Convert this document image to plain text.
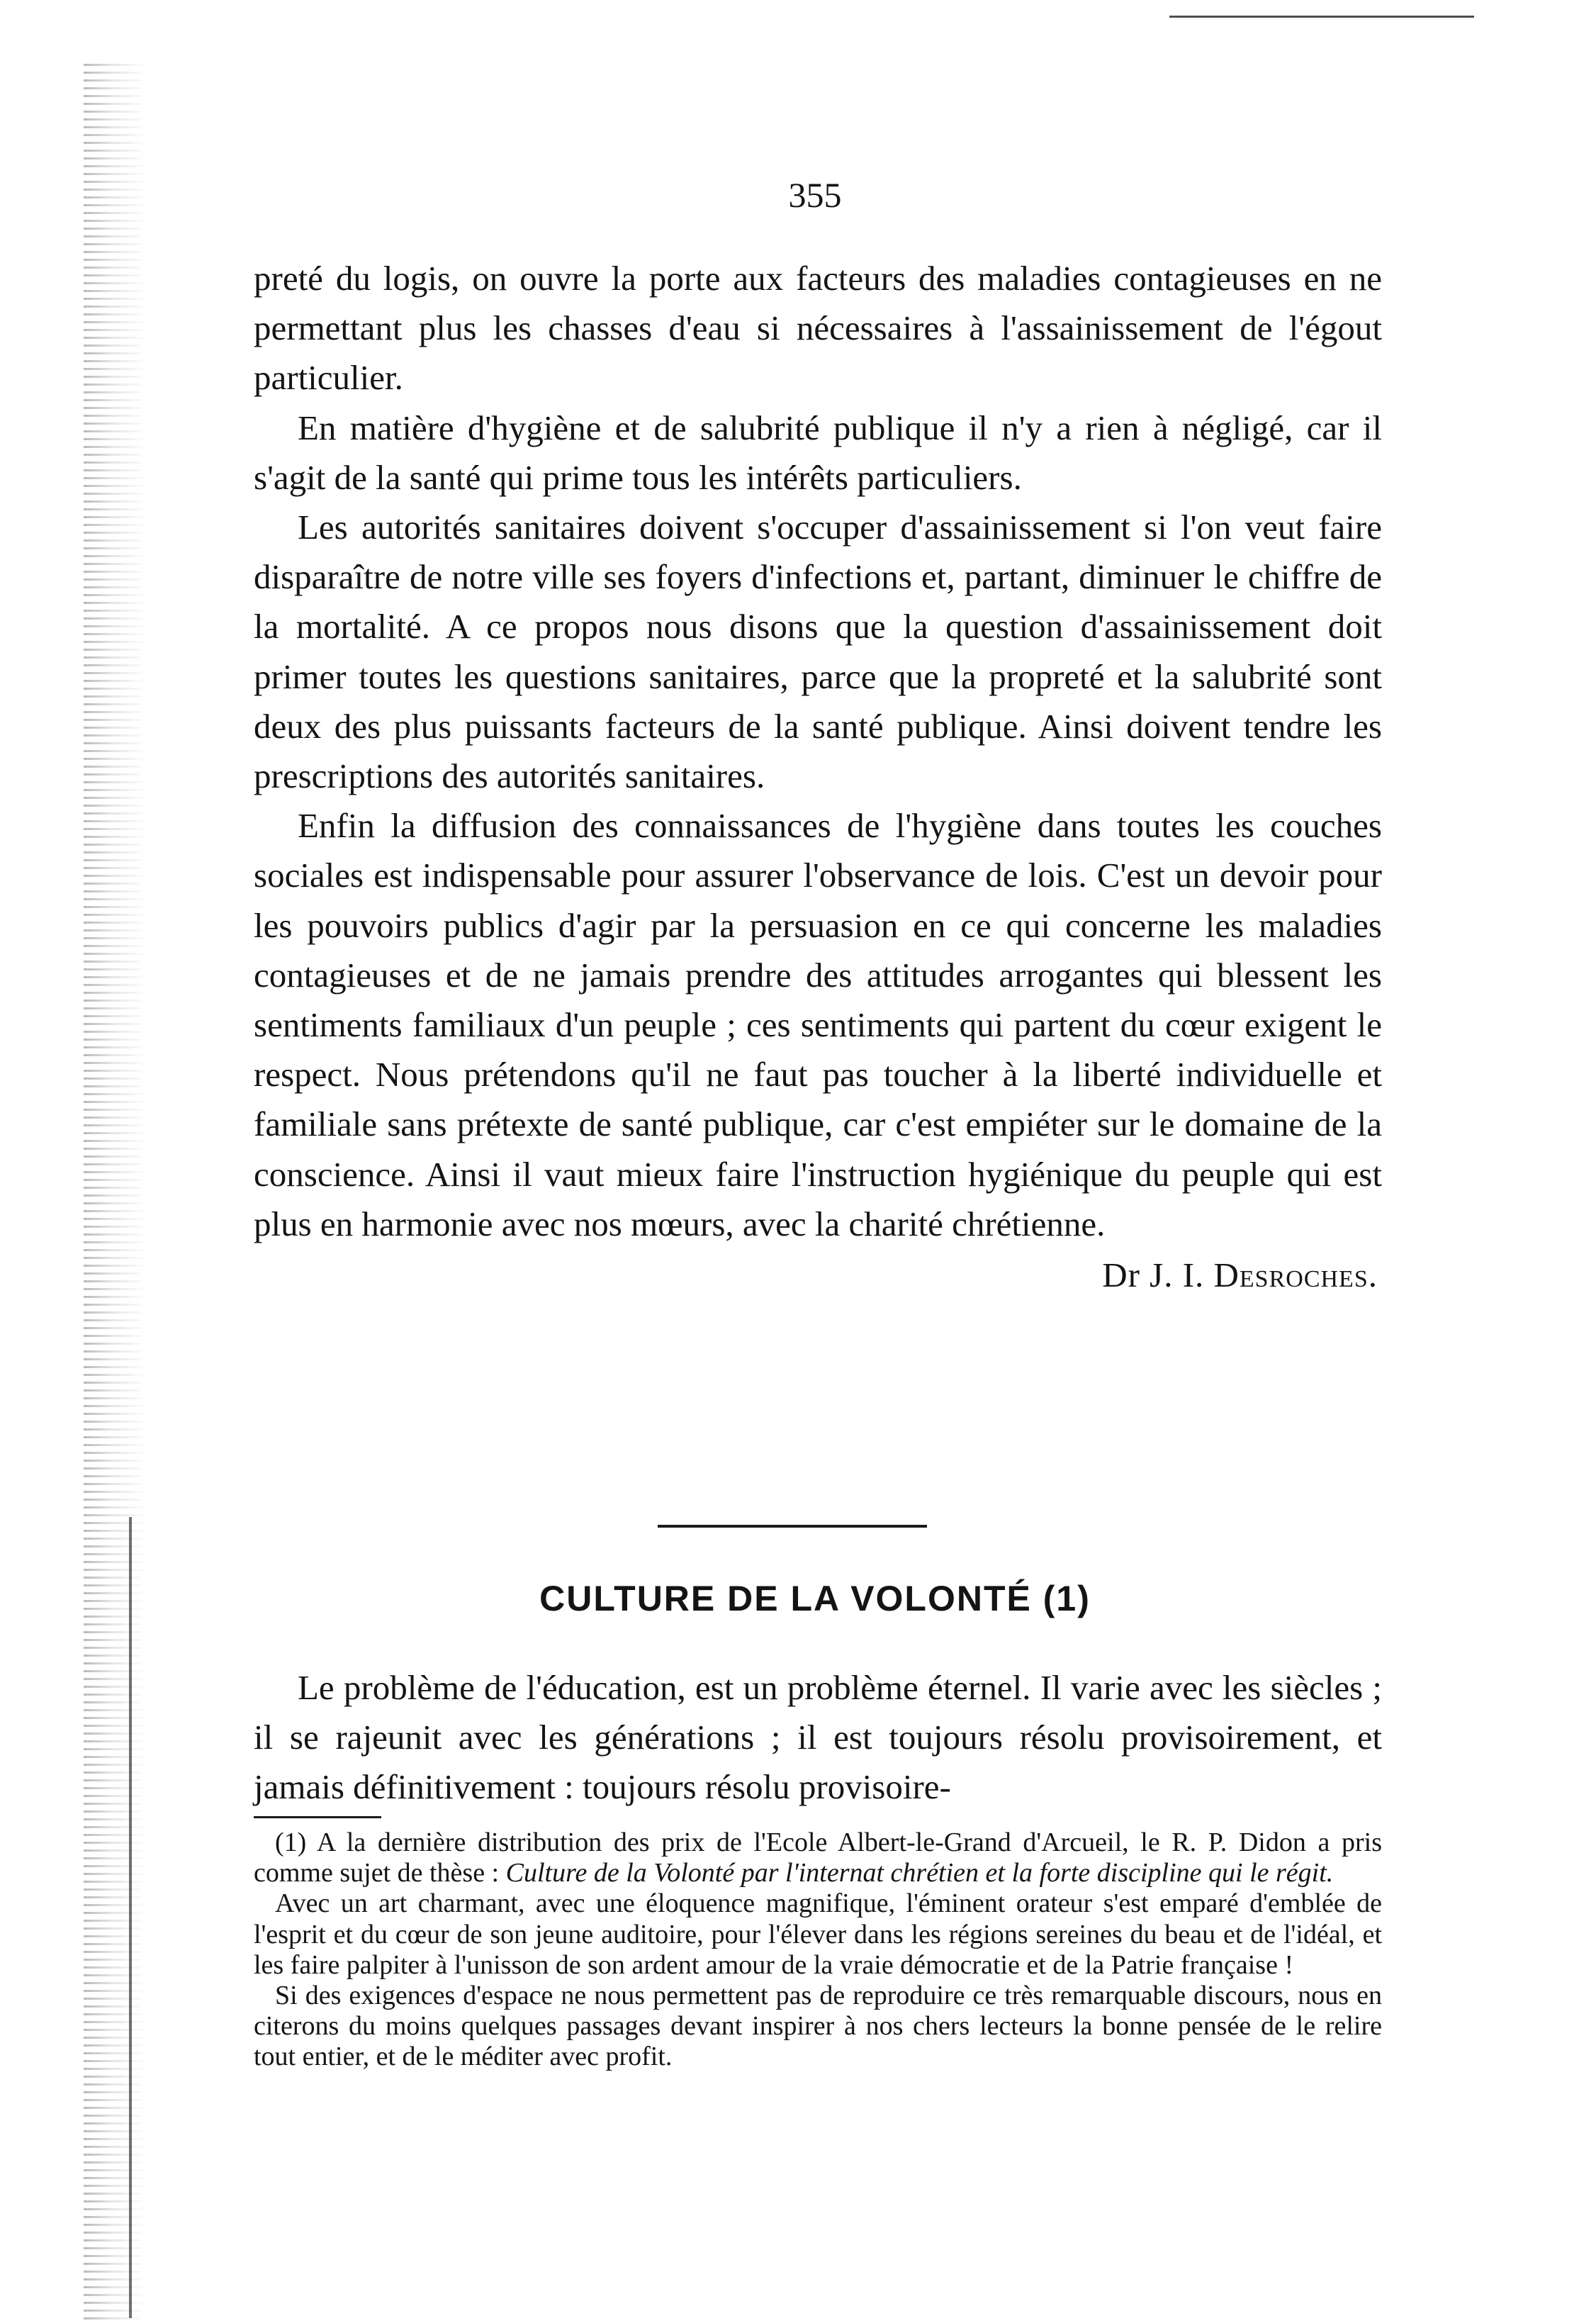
355

preté du logis, on ouvre la porte aux facteurs des maladies contagieuses en ne permettant plus les chasses d'eau si nécessaires à l'assainissement de l'égout particulier.

En matière d'hygiène et de salubrité publique il n'y a rien à négligé, car il s'agit de la santé qui prime tous les intérêts particuliers.

Les autorités sanitaires doivent s'occuper d'assainissement si l'on veut faire disparaître de notre ville ses foyers d'infections et, partant, diminuer le chiffre de la mortalité. A ce propos nous disons que la question d'assainissement doit primer toutes les questions sanitaires, parce que la propreté et la salubrité sont deux des plus puissants facteurs de la santé publique. Ainsi doivent tendre les prescriptions des autorités sanitaires.

Enfin la diffusion des connaissances de l'hygiène dans toutes les couches sociales est indispensable pour assurer l'observance de lois. C'est un devoir pour les pouvoirs publics d'agir par la persuasion en ce qui concerne les maladies contagieuses et de ne jamais prendre des attitudes arrogantes qui blessent les sentiments familiaux d'un peuple ; ces sentiments qui partent du cœur exigent le respect. Nous prétendons qu'il ne faut pas toucher à la liberté individuelle et familiale sans prétexte de santé publique, car c'est empiéter sur le domaine de la conscience. Ainsi il vaut mieux faire l'instruction hygiénique du peuple qui est plus en harmonie avec nos mœurs, avec la charité chrétienne.

Dr J. I. Desroches.

CULTURE DE LA VOLONTÉ (1)

Le problème de l'éducation, est un problème éternel. Il varie avec les siècles ; il se rajeunit avec les générations ; il est toujours résolu provisoirement, et jamais définitivement : toujours résolu provisoire-

(1) A la dernière distribution des prix de l'Ecole Albert-le-Grand d'Arcueil, le R. P. Didon a pris comme sujet de thèse : Culture de la Volonté par l'internat chrétien et la forte discipline qui le régit.

Avec un art charmant, avec une éloquence magnifique, l'éminent orateur s'est emparé d'emblée de l'esprit et du cœur de son jeune auditoire, pour l'élever dans les régions sereines du beau et de l'idéal, et les faire palpiter à l'unisson de son ardent amour de la vraie démocratie et de la Patrie française !

Si des exigences d'espace ne nous permettent pas de reproduire ce très remarquable discours, nous en citerons du moins quelques passages devant inspirer à nos chers lecteurs la bonne pensée de le relire tout entier, et de le méditer avec profit.
